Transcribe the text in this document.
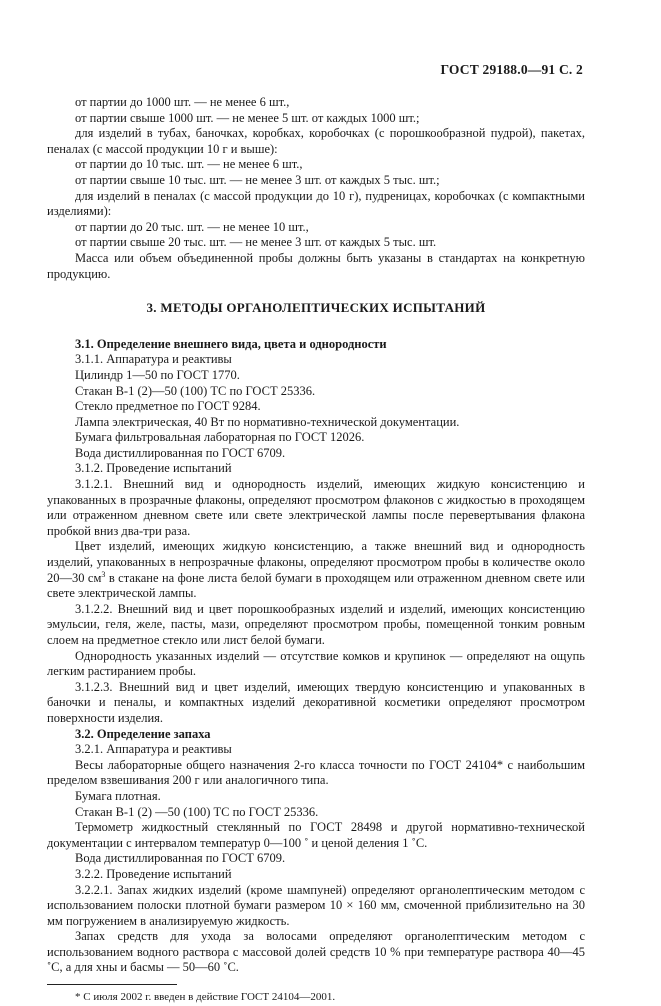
ГОСТ 29188.0—91 С. 2

от партии до 1000 шт. — не менее 6 шт.,

от партии свыше 1000 шт. — не менее 5 шт. от каждых 1000 шт.;

для изделий в тубах, баночках, коробках, коробочках (с порошкообразной пудрой), пакетах, пеналах (с массой продукции 10 г и выше):

от партии до 10 тыс. шт. — не менее 6 шт.,

от партии свыше 10 тыс. шт. — не менее 3 шт. от каждых 5 тыс. шт.;

для изделий в пеналах (с массой продукции до 10 г), пудреницах, коробочках (с компактными изделиями):

от партии до 20 тыс. шт. — не менее 10 шт.,

от партии свыше 20 тыс. шт. — не менее 3 шт. от каждых 5 тыс. шт.

Масса или объем объединенной пробы должны быть указаны в стандартах на конкретную продукцию.

3. МЕТОДЫ ОРГАНОЛЕПТИЧЕСКИХ ИСПЫТАНИЙ

3.1. Определение внешнего вида, цвета и однородности

3.1.1. Аппаратура и реактивы

Цилиндр 1—50 по ГОСТ 1770.

Стакан В-1 (2)—50 (100) ТС по ГОСТ 25336.

Стекло предметное по ГОСТ 9284.

Лампа электрическая, 40 Вт по нормативно-технической документации.

Бумага фильтровальная лабораторная по ГОСТ 12026.

Вода дистиллированная по ГОСТ 6709.

3.1.2. Проведение испытаний

3.1.2.1. Внешний вид и однородность изделий, имеющих жидкую консистенцию и упакованных в прозрачные флаконы, определяют просмотром флаконов с жидкостью в проходящем или отраженном дневном свете или свете электрической лампы после перевертывания флакона пробкой вниз два-три раза.

Цвет изделий, имеющих жидкую консистенцию, а также внешний вид и однородность изделий, упакованных в непрозрачные флаконы, определяют просмотром пробы в количестве около 20—30 $см^3$ в стакане на фоне листа белой бумаги в проходящем или отраженном дневном свете или свете электрической лампы.

3.1.2.2. Внешний вид и цвет порошкообразных изделий и изделий, имеющих консистенцию эмульсии, геля, желе, пасты, мази, определяют просмотром пробы, помещенной тонким ровным слоем на предметное стекло или лист белой бумаги.

Однородность указанных изделий — отсутствие комков и крупинок — определяют на ощупь легким растиранием пробы.

3.1.2.3. Внешний вид и цвет изделий, имеющих твердую консистенцию и упакованных в баночки и пеналы, и компактных изделий декоративной косметики определяют просмотром поверхности изделия.

3.2. Определение запаха

3.2.1. Аппаратура и реактивы

Весы лабораторные общего назначения 2-го класса точности по ГОСТ 24104* с наибольшим пределом взвешивания 200 г или аналогичного типа.

Бумага плотная.

Стакан В-1 (2) —50 (100) ТС по ГОСТ 25336.

Термометр жидкостный стеклянный по ГОСТ 28498 и другой нормативно-технической документации с интервалом температур 0—100 ˚ и ценой деления 1 ˚С.

Вода дистиллированная по ГОСТ 6709.

3.2.2. Проведение испытаний

3.2.2.1. Запах жидких изделий (кроме шампуней) определяют органолептическим методом с использованием полоски плотной бумаги размером 10 × 160 мм, смоченной приблизительно на 30 мм погружением в анализируемую жидкость.

Запах средств для ухода за волосами определяют органолептическим методом с использованием водного раствора с массовой долей средств 10 % при температуре раствора 40—45 ˚С, а для хны и басмы — 50—60 ˚С.

* С июля 2002 г. введен в действие ГОСТ 24104—2001.
